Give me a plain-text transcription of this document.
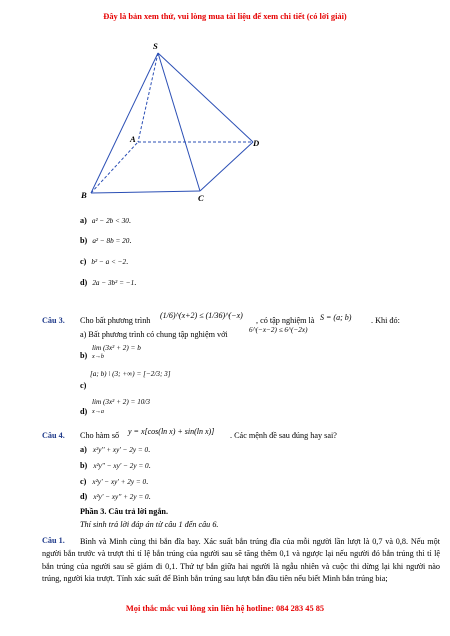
Đây là bản xem thử, vui lòng mua tài liệu để xem chi tiết (có lời giải)
S
A
B	C
D
a) a² − 2b < 30.
b) a² − 8b = 20.
c) b² − a < −2.
d) 2a − 3b² = −1.
Câu 3. Cho bất phương trình
(1/6)^(x+2) ≤ (1/36)^(−x)
, có tập nghiệm là S = (a; b) . Khi đó:
a) Bất phương trình có chung tập nghiệm với	6^(−x−2) ≤ 6^(−2x)
b)
lim (3x² + 2) = b
x→b
c)
[a; b) \ (3; +∞) = [−2/3; 3]
d)
lim (3x² + 2) = 10/3
x→a
Câu 4. Cho hàm số y = x[cos(ln x) + sin(ln x)] . Các mệnh đề sau đúng hay sai?
a) x²y'' + xy' − 2y = 0.
b) x²y'' − xy' − 2y = 0.
c) x²y' − xy' + 2y = 0.
d) x²y' − xy'' + 2y = 0.
Phần 3. Câu trả lời ngắn.
Thí sinh trả lời đáp án từ câu 1 đến câu 6.
Câu 1.	Bình và Minh cùng thi bắn đĩa bay. Xác suất bắn trúng đĩa của mỗi người lần lượt là 0,7 và 0,8. Nếu một người bắn trước và trượt thì tỉ lệ bắn trúng của người sau sẽ tăng thêm 0,1 và ngược lại nếu người đó bắn trúng thì tỉ lệ bắn trúng của người sau sẽ giảm đi 0,1. Thứ tự bắn giữa hai người là ngẫu nhiên và cuộc thi dừng lại khi người nào trúng, người kia trượt. Tính xác suất để Bình bắn trúng sau lượt bắn đầu tiên nếu biết Minh bắn trúng bia;
Mọi thắc mắc vui lòng xin liên hệ hotline: 084 283 45 85
